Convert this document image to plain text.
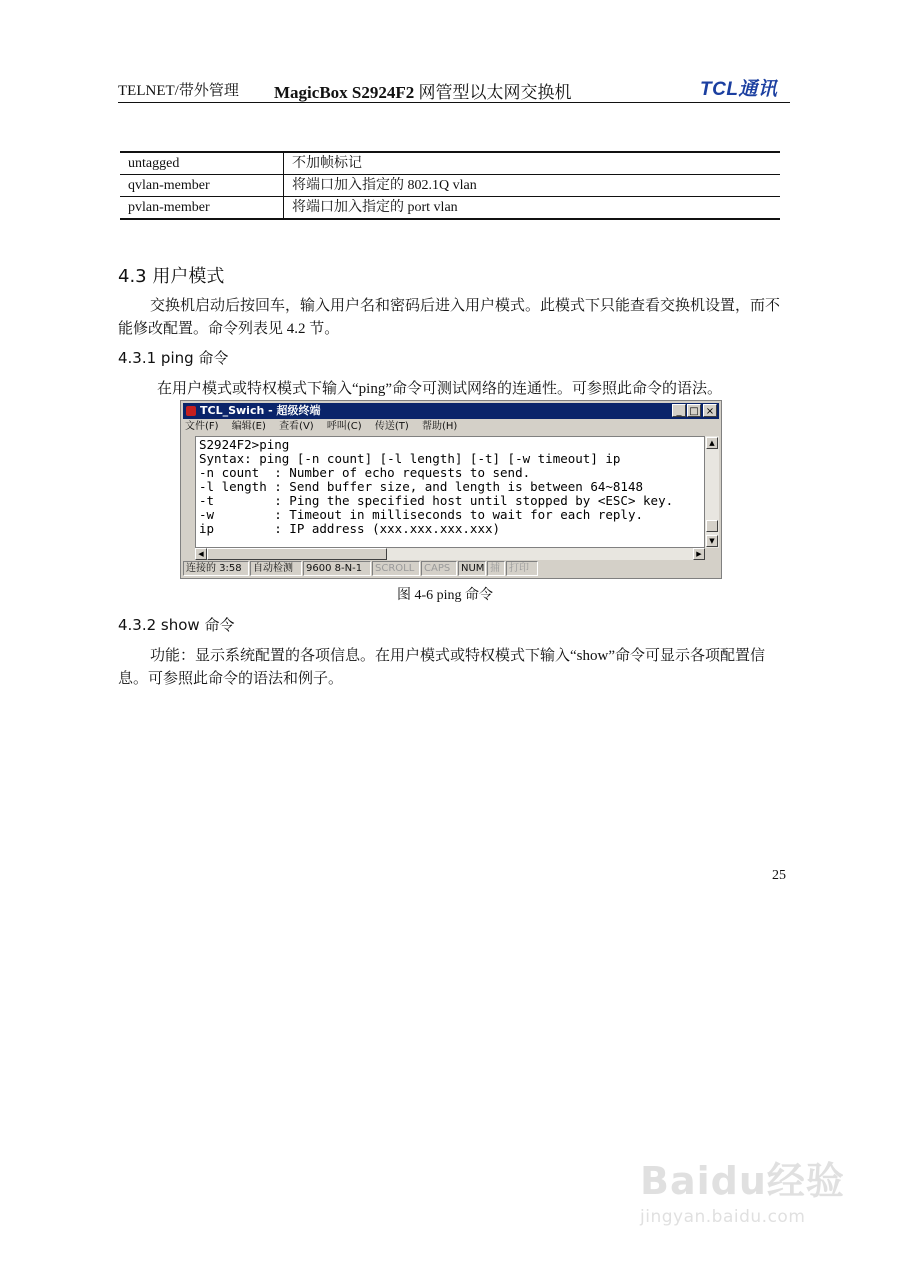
TELNET/带外管理 MagicBox S2924F2 网管型以太网交换机	TCL通讯
untagged	不加帧标记
qvlan-member	将端口加入指定的 802.1Q vlan
pvlan-member	将端口加入指定的 port vlan
4.3 用户模式
交换机启动后按回车，输入用户名和密码后进入用户模式。此模式下只能查看交换机设置，而不能修改配置。命令列表见 4.2 节。
4.3.1 ping 命令
在用户模式或特权模式下输入“ping”命令可测试网络的连通性。可参照此命令的语法。
TCL_Swich - 超级终端	_ □ ×
文件(F) 编辑(E) 查看(V) 呼叫(C) 传送(T) 帮助(H)
S2924F2>ping
Syntax: ping [-n count] [-l length] [-t] [-w timeout] ip
-n count  : Number of echo requests to send.
-l length : Send buffer size, and length is between 64~8148
-t        : Ping the specified host until stopped by <ESC> key.
-w        : Timeout in milliseconds to wait for each reply.
ip        : IP address (xxx.xxx.xxx.xxx)
▲
▼
◀	▶
连接的 3:58	自动检测	9600 8-N-1	SCROLL CAPS	NUM 捕 打印
图 4-6 ping 命令
4.3.2 show 命令
功能：显示系统配置的各项信息。在用户模式或特权模式下输入“show”命令可显示各项配置信息。可参照此命令的语法和例子。
25
Baidu经验
jingyan.baidu.com
